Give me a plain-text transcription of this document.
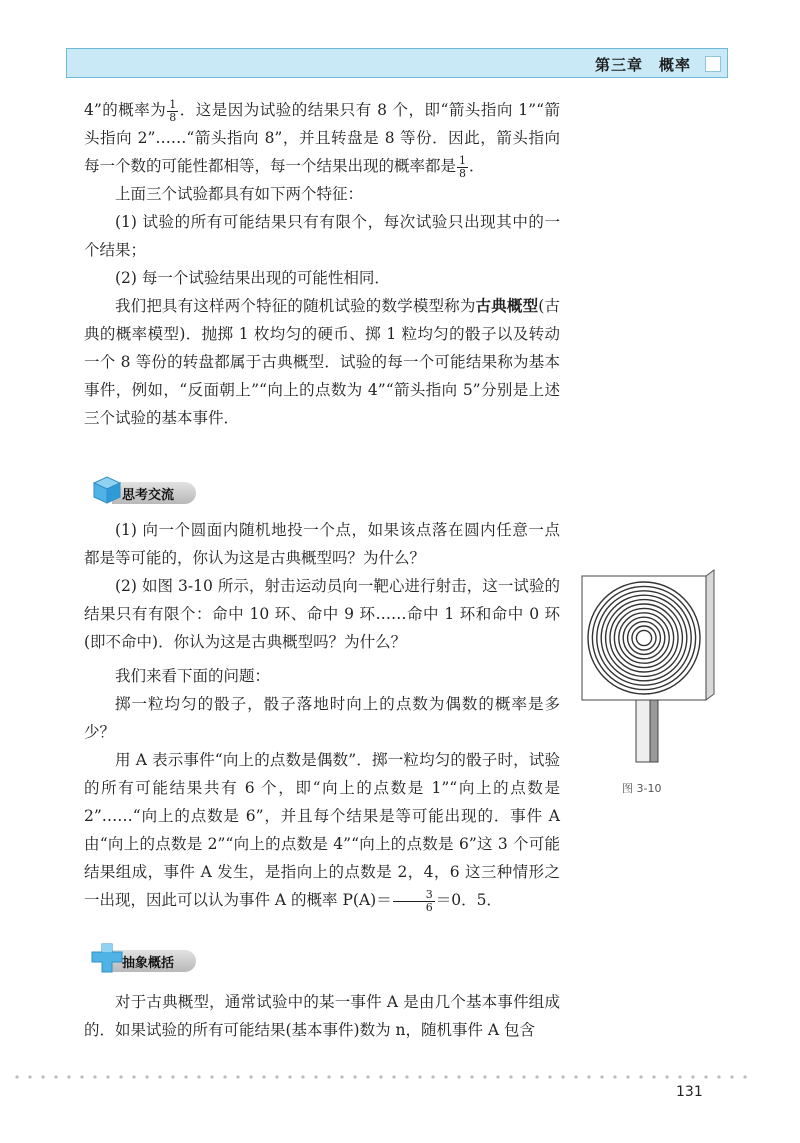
第三章　概率

4”的概率为 $\frac{1}{8}$ ．这是因为试验的结果只有 8 个，即“箭头指向 1”“箭头指向 2”……“箭头指向 8”，并且转盘是 8 等份．因此，箭头指向每一个数的可能性都相等，每一个结果出现的概率都是 $\frac{1}{8}$ ．

上面三个试验都具有如下两个特征：

(1) 试验的所有可能结果只有有限个，每次试验只出现其中的一个结果；

(2) 每一个试验结果出现的可能性相同．

我们把具有这样两个特征的随机试验的数学模型称为古典概型(古典的概率模型)．抛掷 1 枚均匀的硬币、掷 1 粒均匀的骰子以及转动一个 8 等份的转盘都属于古典概型．试验的每一个可能结果称为基本事件，例如，“反面朝上”“向上的点数为 4”“箭头指向 5”分别是上述三个试验的基本事件．

思考交流

(1) 向一个圆面内随机地投一个点，如果该点落在圆内任意一点都是等可能的，你认为这是古典概型吗？为什么？

(2) 如图 3-10 所示，射击运动员向一靶心进行射击，这一试验的结果只有有限个：命中 10 环、命中 9 环……命中 1 环和命中 0 环(即不命中)．你认为这是古典概型吗？为什么？

我们来看下面的问题：

掷一粒均匀的骰子，骰子落地时向上的点数为偶数的概率是多少？

用 A 表示事件“向上的点数是偶数”．掷一粒均匀的骰子时，试验的所有可能结果共有 6 个，即“向上的点数是 1”“向上的点数是 2”……“向上的点数是 6”，并且每个结果是等可能出现的．事件 A 由“向上的点数是 2”“向上的点数是 4”“向上的点数是 6”这 3 个可能结果组成，事件 A 发生，是指向上的点数是 2，4，6 这三种情形之一出现，因此可以认为事件 A 的概率 $P(A)= \frac{3}{6} =0$．5．

抽象概括

对于古典概型，通常试验中的某一事件 A 是由几个基本事件组成的．如果试验的所有可能结果(基本事件)数为 n，随机事件 A 包含

图 3-10
131
